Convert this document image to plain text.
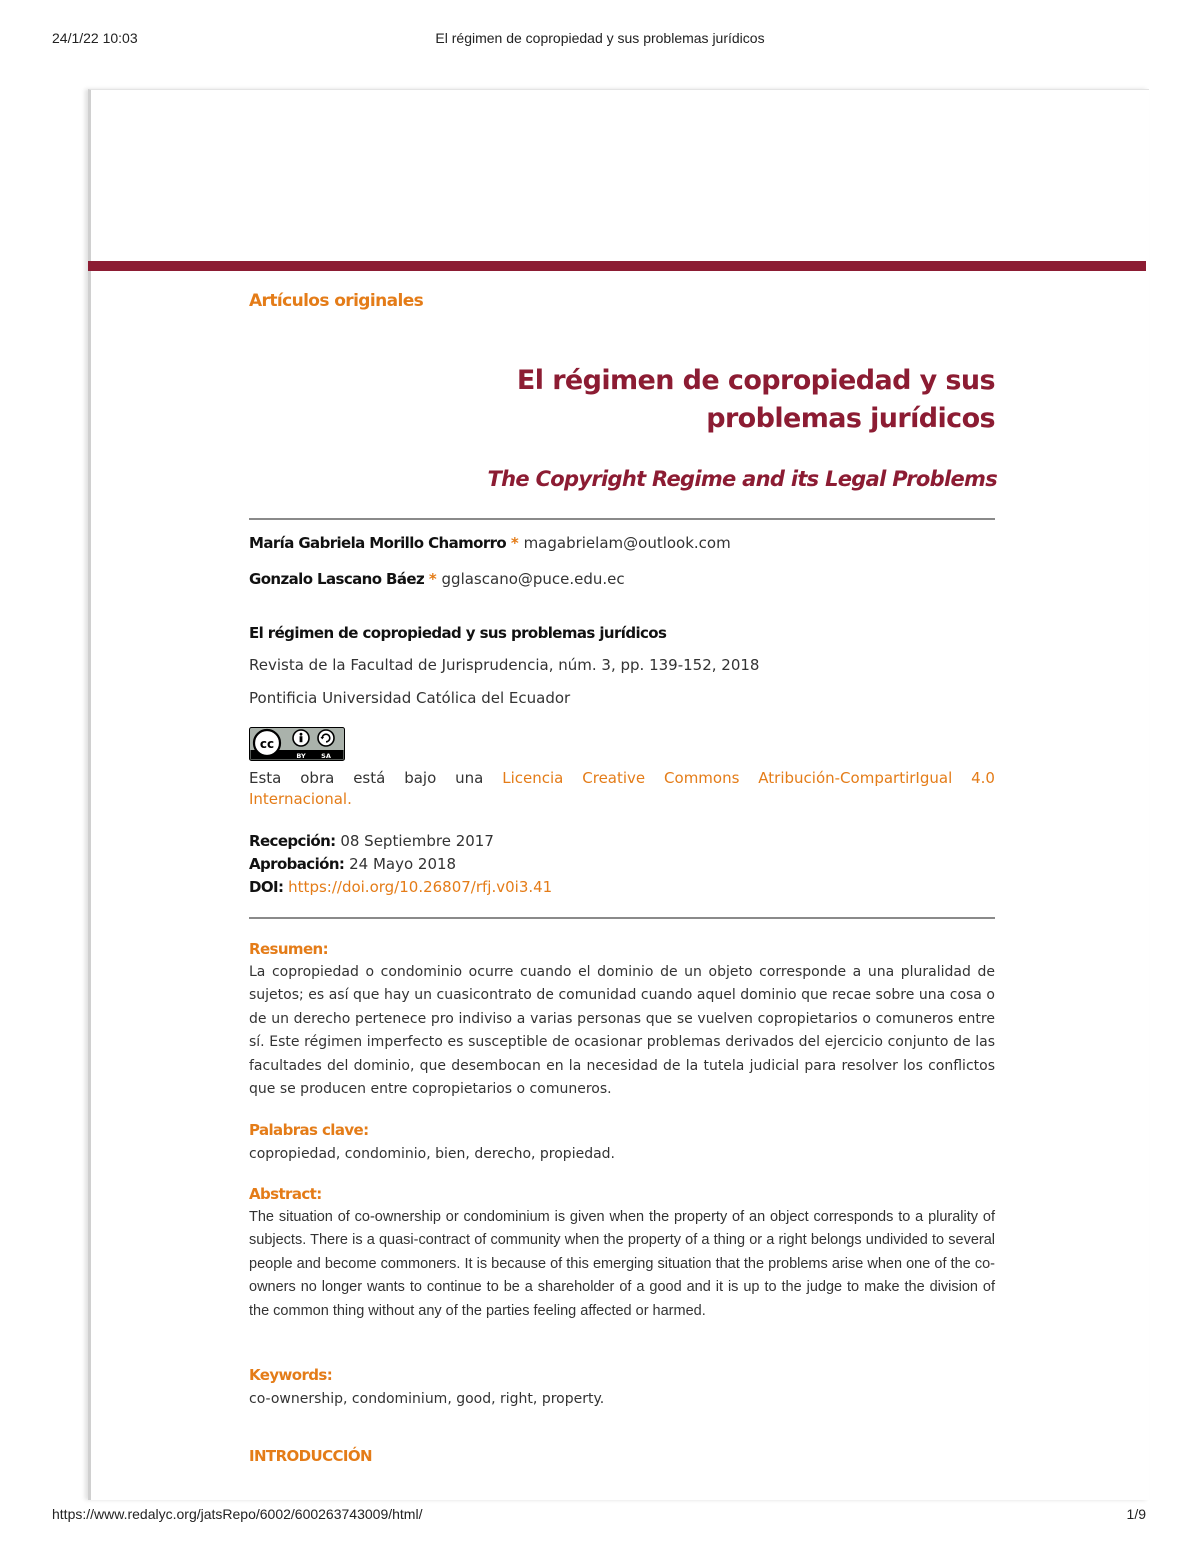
24/1/22 10:03	El régimen de copropiedad y sus problemas jurídicos
Artículos originales
El régimen de copropiedad y sus problemas jurídicos
The Copyright Regime and its Legal Problems
María Gabriela Morillo Chamorro * magabrielam@outlook.com
Gonzalo Lascano Báez * gglascano@puce.edu.ec
El régimen de copropiedad y sus problemas jurídicos
Revista de la Facultad de Jurisprudencia, núm. 3, pp. 139-152, 2018
Pontificia Universidad Católica del Ecuador
cc
BY SA
Esta obra está bajo una Licencia Creative Commons Atribución-CompartirIgual 4.0
Internacional.
Recepción: 08 Septiembre 2017
Aprobación: 24 Mayo 2018
DOI: https://doi.org/10.26807/rfj.v0i3.41
Resumen:
La copropiedad o condominio ocurre cuando el dominio de un objeto corresponde a una pluralidad de sujetos; es así que hay un cuasicontrato de comunidad cuando aquel dominio que recae sobre una cosa o de un derecho pertenece pro indiviso a varias personas que se vuelven copropietarios o comuneros entre sí. Este régimen imperfecto es susceptible de ocasionar problemas derivados del ejercicio conjunto de las facultades del dominio, que desembocan en la necesidad de la tutela judicial para resolver los conflictos que se producen entre copropietarios o comuneros.
Palabras clave:
copropiedad, condominio, bien, derecho, propiedad.
Abstract:
The situation of co-ownership or condominium is given when the property of an object corresponds to a plurality of subjects. There is a quasi-contract of community when the property of a thing or a right belongs undivided to several people and become commoners. It is because of this emerging situation that the problems arise when one of the co-owners no longer wants to continue to be a shareholder of a good and it is up to the judge to make the division of the common thing without any of the parties feeling affected or harmed.
Keywords:
co-ownership, condominium, good, right, property.
INTRODUCCIÓN
https://www.redalyc.org/jatsRepo/6002/600263743009/html/	1/9
